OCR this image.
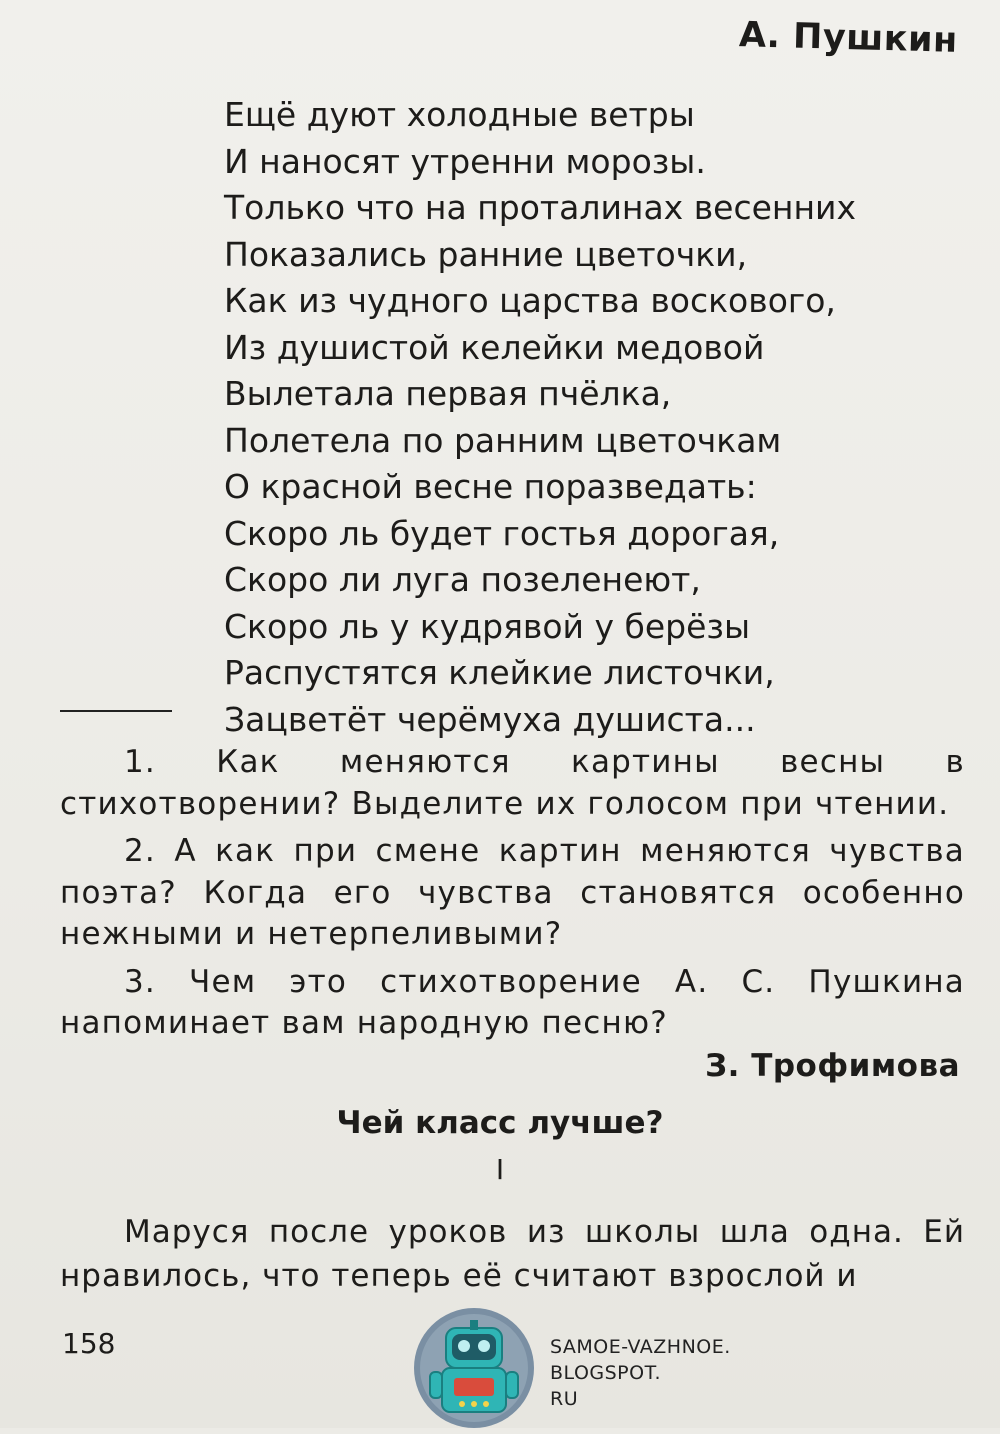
А. Пушкин
Ещё дуют холодные ветры
И наносят утренни морозы.
Только что на проталинах весенних
Показались ранние цветочки,
Как из чудного царства воскового,
Из душистой келейки медовой
Вылетала первая пчёлка,
Полетела по ранним цветочкам
О красной весне поразведать:
Скоро ль будет гостья дорогая,
Скоро ли луга позеленеют,
Скоро ль у кудрявой у берёзы
Распустятся клейкие листочки,
Зацветёт черёмуха душиста...

1. Как меняются картины весны в стихотворении? Выделите их голосом при чтении.

2. А как при смене картин меняются чувства поэта? Когда его чувства становятся особенно нежными и нетерпеливыми?

3. Чем это стихотворение А. С. Пушкина напоминает вам народную песню?

З. Трофимова
Чей класс лучше?
I
Маруся после уроков из школы шла одна. Ей нравилось, что теперь её считают взрослой и
158	SAMOE-VAZHNOE.
BLOGSPOT.
RU
